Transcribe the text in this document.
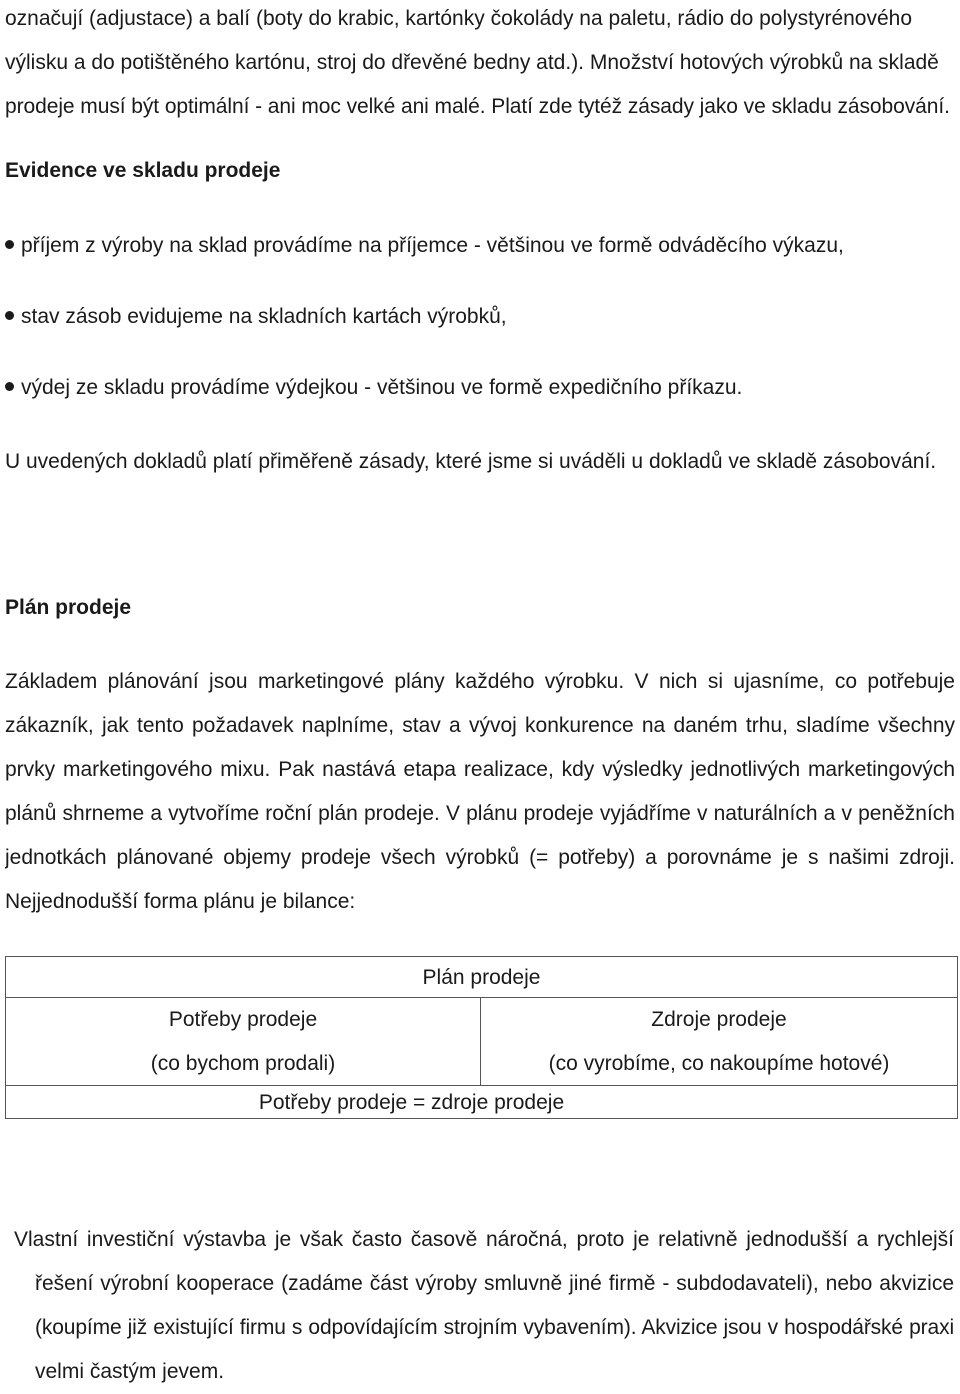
označují (adjustace) a balí (boty do krabic, kartónky čokolády na paletu, rádio do polystyrénového
výlisku a do potištěného kartónu, stroj do dřevěné bedny atd.). Množství hotových výrobků na skladě
prodeje musí být optimální - ani moc velké ani malé. Platí zde tytéž zásady jako ve skladu zásobování.
Evidence ve skladu prodeje
příjem z výroby na sklad provádíme na příjemce - většinou ve formě odváděcího výkazu,
stav zásob evidujeme na skladních kartách výrobků,
výdej ze skladu provádíme výdejkou - většinou ve formě expedičního příkazu.
U uvedených dokladů platí přiměřeně zásady, které jsme si uváděli u dokladů ve skladě zásobování.
Plán prodeje
Základem plánování jsou marketingové plány každého výrobku. V nich si ujasníme, co potřebuje
zákazník, jak tento požadavek naplníme, stav a vývoj konkurence na daném trhu, sladíme všechny
prvky marketingového mixu. Pak nastává etapa realizace, kdy výsledky jednotlivých marketingových
plánů shrneme a vytvoříme roční plán prodeje. V plánu prodeje vyjádříme v naturálních a v peněžních
jednotkách plánované objemy prodeje všech výrobků (= potřeby) a porovnáme je s našimi zdroji.
Nejjednodušší forma plánu je bilance:
Plán prodeje
Potřeby prodeje
(co bychom prodali)
Zdroje prodeje
(co vyrobíme, co nakoupíme hotové)
Potřeby prodeje = zdroje prodeje
Vlastní investiční výstavba je však často časově náročná, proto je relativně jednodušší a rychlejší
řešení výrobní kooperace (zadáme část výroby smluvně jiné firmě - subdodavateli), nebo akvizice
(koupíme již existující firmu s odpovídajícím strojním vybavením). Akvizice jsou v hospodářské praxi
velmi častým jevem.
